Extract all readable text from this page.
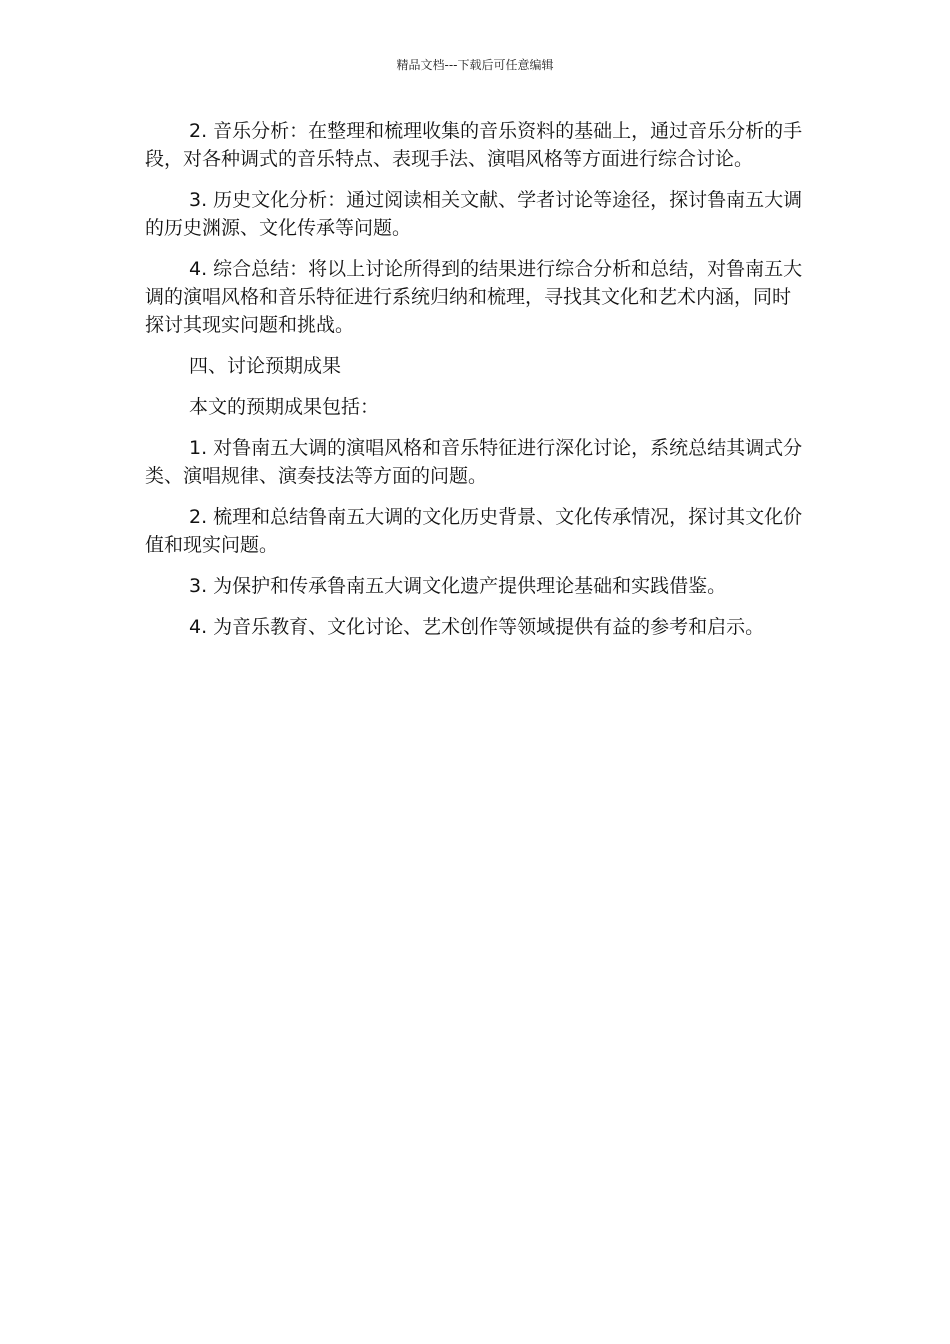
精品文档---下载后可任意编辑

2. 音乐分析：在整理和梳理收集的音乐资料的基础上，通过音乐分析的手段，对各种调式的音乐特点、表现手法、演唱风格等方面进行综合讨论。

3. 历史文化分析：通过阅读相关文献、学者讨论等途径，探讨鲁南五大调的历史渊源、文化传承等问题。

4. 综合总结：将以上讨论所得到的结果进行综合分析和总结，对鲁南五大调的演唱风格和音乐特征进行系统归纳和梳理，寻找其文化和艺术内涵，同时探讨其现实问题和挑战。

四、讨论预期成果

本文的预期成果包括：

1. 对鲁南五大调的演唱风格和音乐特征进行深化讨论，系统总结其调式分类、演唱规律、演奏技法等方面的问题。

2. 梳理和总结鲁南五大调的文化历史背景、文化传承情况，探讨其文化价值和现实问题。

3. 为保护和传承鲁南五大调文化遗产提供理论基础和实践借鉴。

4. 为音乐教育、文化讨论、艺术创作等领域提供有益的参考和启示。
